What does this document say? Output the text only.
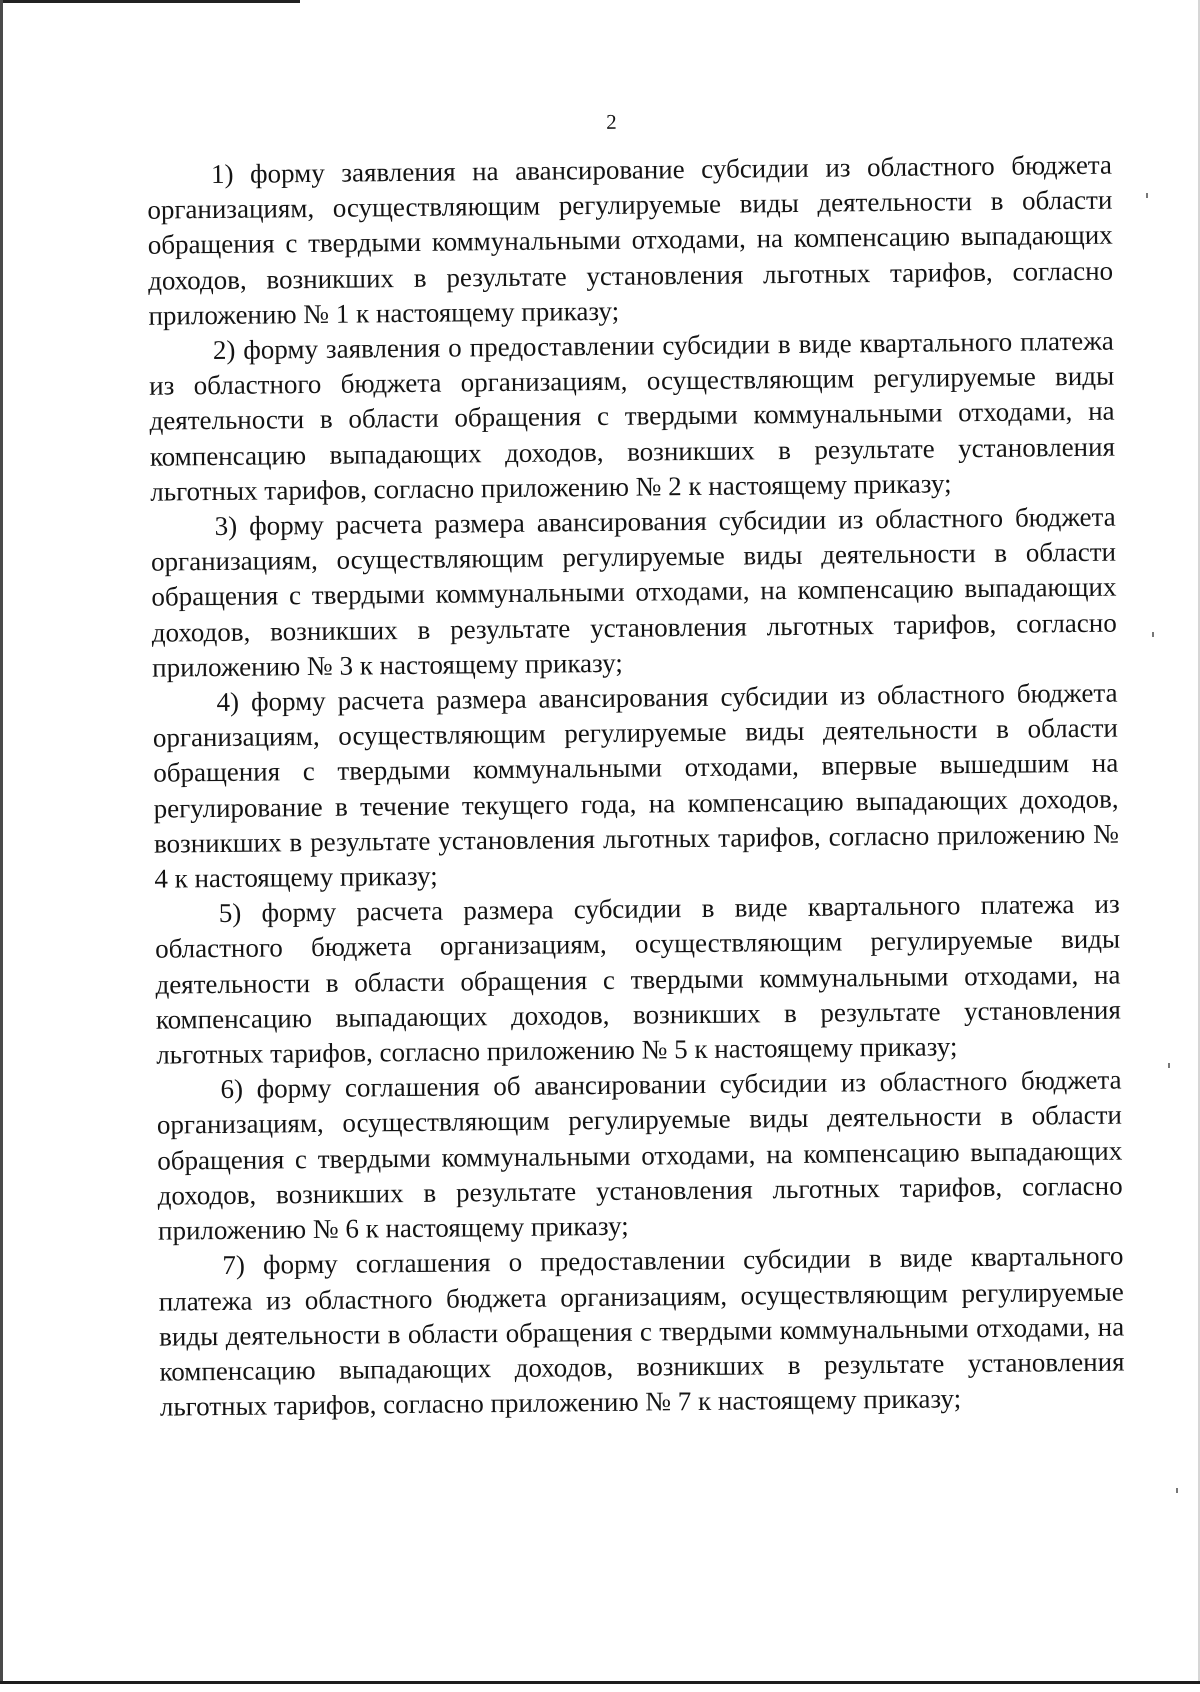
2

1) форму заявления на авансирование субсидии из областного бюджета организациям, осуществляющим регулируемые виды деятельности в области обращения с твердыми коммунальными отходами, на компенсацию выпадающих доходов, возникших в результате установления льготных тарифов, согласно приложению № 1 к настоящему приказу;

2) форму заявления о предоставлении субсидии в виде квартального платежа из областного бюджета организациям, осуществляющим регулируемые виды деятельности в области обращения с твердыми коммунальными отходами, на компенсацию выпадающих доходов, возникших в результате установления льготных тарифов, согласно приложению № 2 к настоящему приказу;

3) форму расчета размера авансирования субсидии из областного бюджета организациям, осуществляющим регулируемые виды деятельности в области обращения с твердыми коммунальными отходами, на компенсацию выпадающих доходов, возникших в результате установления льготных тарифов, согласно приложению № 3 к настоящему приказу;

4) форму расчета размера авансирования субсидии из областного бюджета организациям, осуществляющим регулируемые виды деятельности в области обращения с твердыми коммунальными отходами, впервые вышедшим на регулирование в течение текущего года, на компенсацию выпадающих доходов, возникших в результате установления льготных тарифов, согласно приложению № 4 к настоящему приказу;

5) форму расчета размера субсидии в виде квартального платежа из областного бюджета организациям, осуществляющим регулируемые виды деятельности в области обращения с твердыми коммунальными отходами, на компенсацию выпадающих доходов, возникших в результате установления льготных тарифов, согласно приложению № 5 к настоящему приказу;

6) форму соглашения об авансировании субсидии из областного бюджета организациям, осуществляющим регулируемые виды деятельности в области обращения с твердыми коммунальными отходами, на компенсацию выпадающих доходов, возникших в результате установления льготных тарифов, согласно приложению № 6 к настоящему приказу;

7) форму соглашения о предоставлении субсидии в виде квартального платежа из областного бюджета организациям, осуществляющим регулируемые виды деятельности в области обращения с твердыми коммунальными отходами, на компенсацию выпадающих доходов, возникших в результате установления льготных тарифов, согласно приложению № 7 к настоящему приказу;
